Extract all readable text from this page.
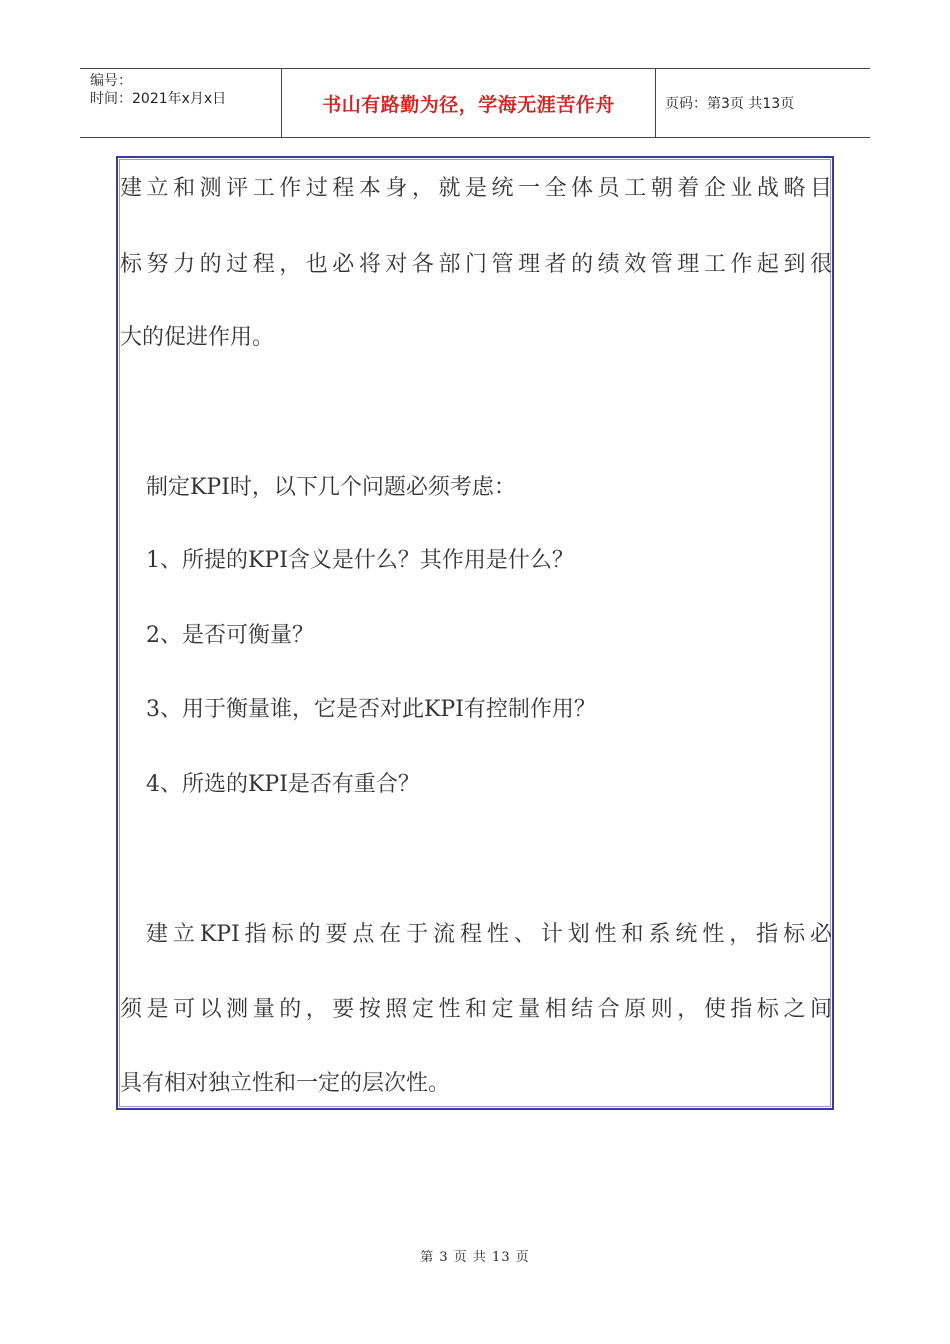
编号：
时间：2021年x月x日	书山有路勤为径，学海无涯苦作舟	页码：第3页 共13页
建立和测评工作过程本身，就是统一全体员工朝着企业战略目
标努力的过程，也必将对各部门管理者的绩效管理工作起到很
大的促进作用。
制定KPI时，以下几个问题必须考虑：
1、所提的KPI含义是什么？其作用是什么？
2、是否可衡量？
3、用于衡量谁，它是否对此KPI有控制作用？
4、所选的KPI是否有重合？
建立KPI指标的要点在于流程性、计划性和系统性，指标必
须是可以测量的，要按照定性和定量相结合原则，使指标之间
具有相对独立性和一定的层次性。
第 3 页 共 13 页
